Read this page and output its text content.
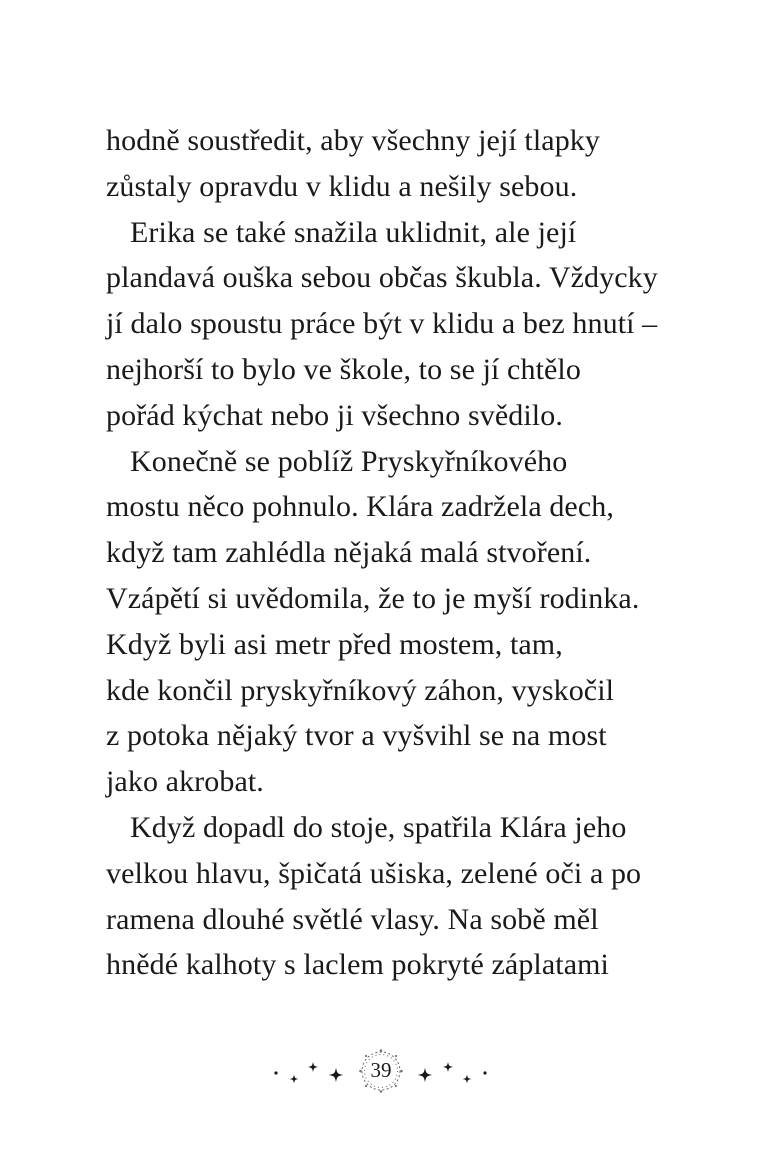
hodně soustředit, aby všechny její tlapky
zůstaly opravdu v klidu a nešily sebou.
Erika se také snažila uklidnit, ale její
plandavá ouška sebou občas škubla. Vždycky
jí dalo spoustu práce být v klidu a bez hnutí –
nejhorší to bylo ve škole, to se jí chtělo
pořád kýchat nebo ji všechno svědilo.
Konečně se poblíž Pryskyřníkového
mostu něco pohnulo. Klára zadržela dech,
když tam zahlédla nějaká malá stvoření.
Vzápětí si uvědomila, že to je myší rodinka.
Když byli asi metr před mostem, tam,
kde končil pryskyřníkový záhon, vyskočil
z potoka nějaký tvor a vyšvihl se na most
jako akrobat.
Když dopadl do stoje, spatřila Klára jeho
velkou hlavu, špičatá ušiska, zelené oči a po
ramena dlouhé světlé vlasy. Na sobě měl
hnědé kalhoty s laclem pokryté záplatami
39
